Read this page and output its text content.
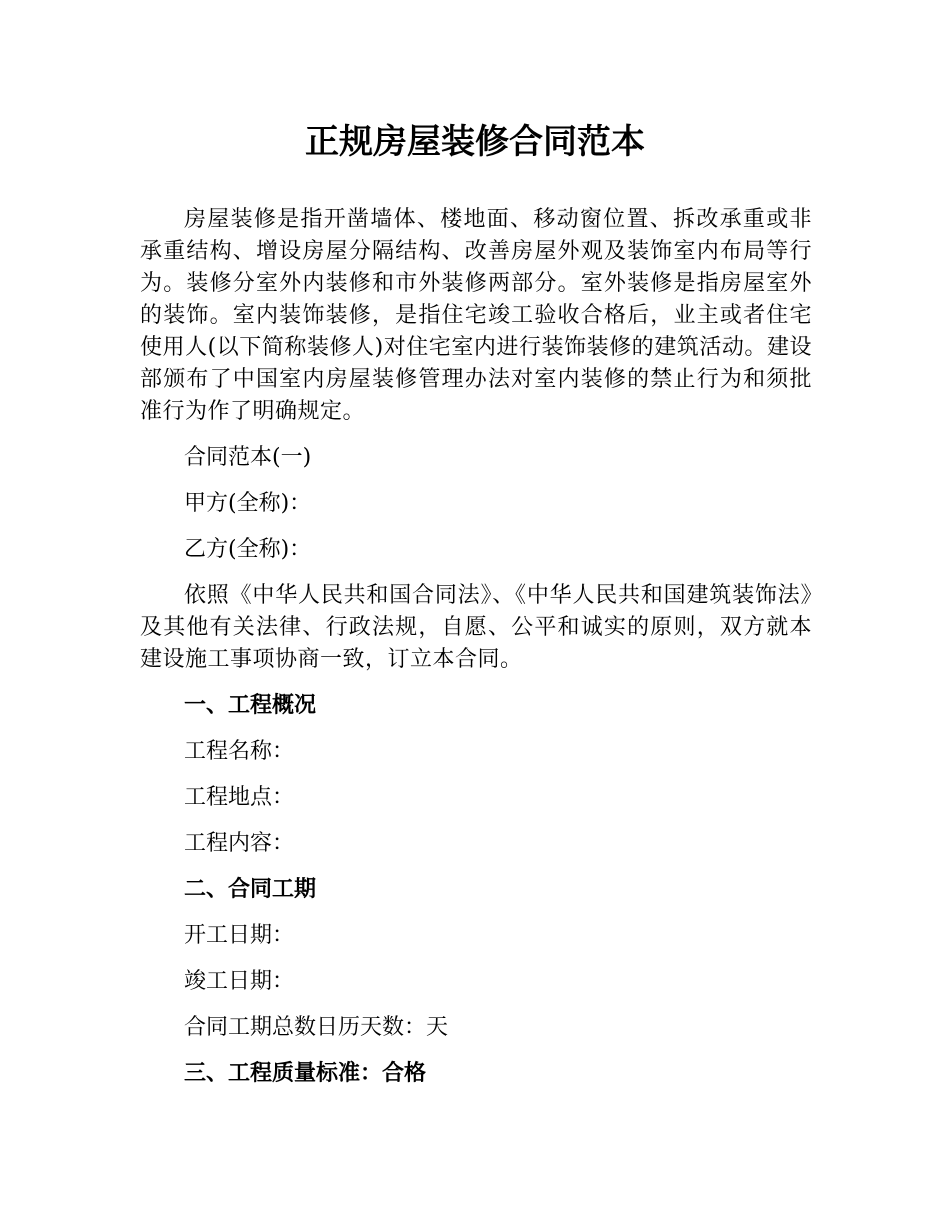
正规房屋装修合同范本

房屋装修是指开凿墙体、楼地面、移动窗位置、拆改承重或非承重结构、增设房屋分隔结构、改善房屋外观及装饰室内布局等行为。装修分室外内装修和市外装修两部分。室外装修是指房屋室外的装饰。室内装饰装修，是指住宅竣工验收合格后，业主或者住宅使用人(以下简称装修人)对住宅室内进行装饰装修的建筑活动。建设部颁布了中国室内房屋装修管理办法对室内装修的禁止行为和须批准行为作了明确规定。

合同范本(一)

甲方(全称)：

乙方(全称)：

依照《中华人民共和国合同法》、《中华人民共和国建筑装饰法》及其他有关法律、行政法规，自愿、公平和诚实的原则，双方就本建设施工事项协商一致，订立本合同。

一、工程概况

工程名称：

工程地点：

工程内容：

二、合同工期

开工日期：

竣工日期：

合同工期总数日历天数：天

三、工程质量标准：合格
